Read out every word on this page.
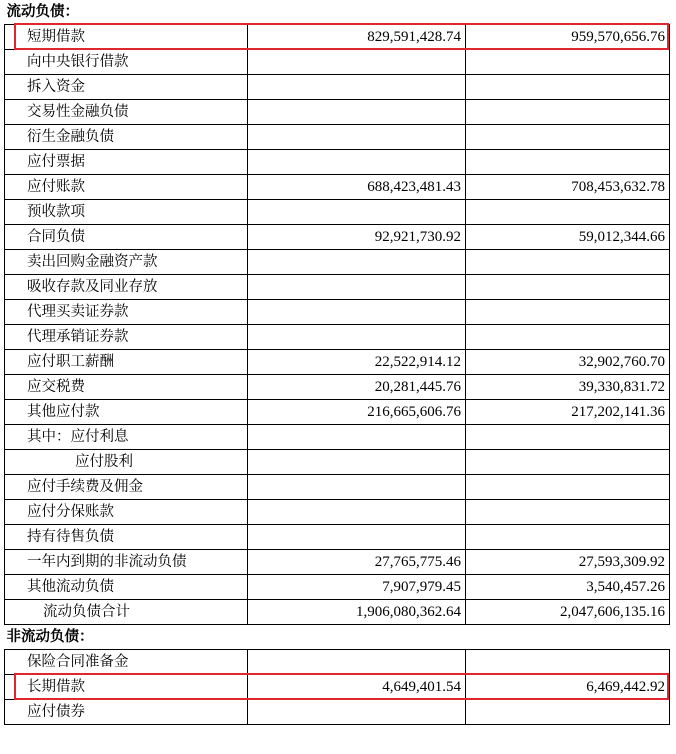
流动负债：		
短期借款	829,591,428.74	959,570,656.76
向中央银行借款		
拆入资金		
交易性金融负债		
衍生金融负债		
应付票据		
应付账款	688,423,481.43	708,453,632.78
预收款项		
合同负债	92,921,730.92	59,012,344.66
卖出回购金融资产款		
吸收存款及同业存放		
代理买卖证券款		
代理承销证券款		
应付职工薪酬	22,522,914.12	32,902,760.70
应交税费	20,281,445.76	39,330,831.72
其他应付款	216,665,606.76	217,202,141.36
其中：应付利息		
应付股利		
应付手续费及佣金		
应付分保账款		
持有待售负债		
一年内到期的非流动负债	27,765,775.46	27,593,309.92
其他流动负债	7,907,979.45	3,540,457.26
流动负债合计	1,906,080,362.64	2,047,606,135.16
非流动负债：		
保险合同准备金		
长期借款	4,649,401.54	6,469,442.92
应付债券		
